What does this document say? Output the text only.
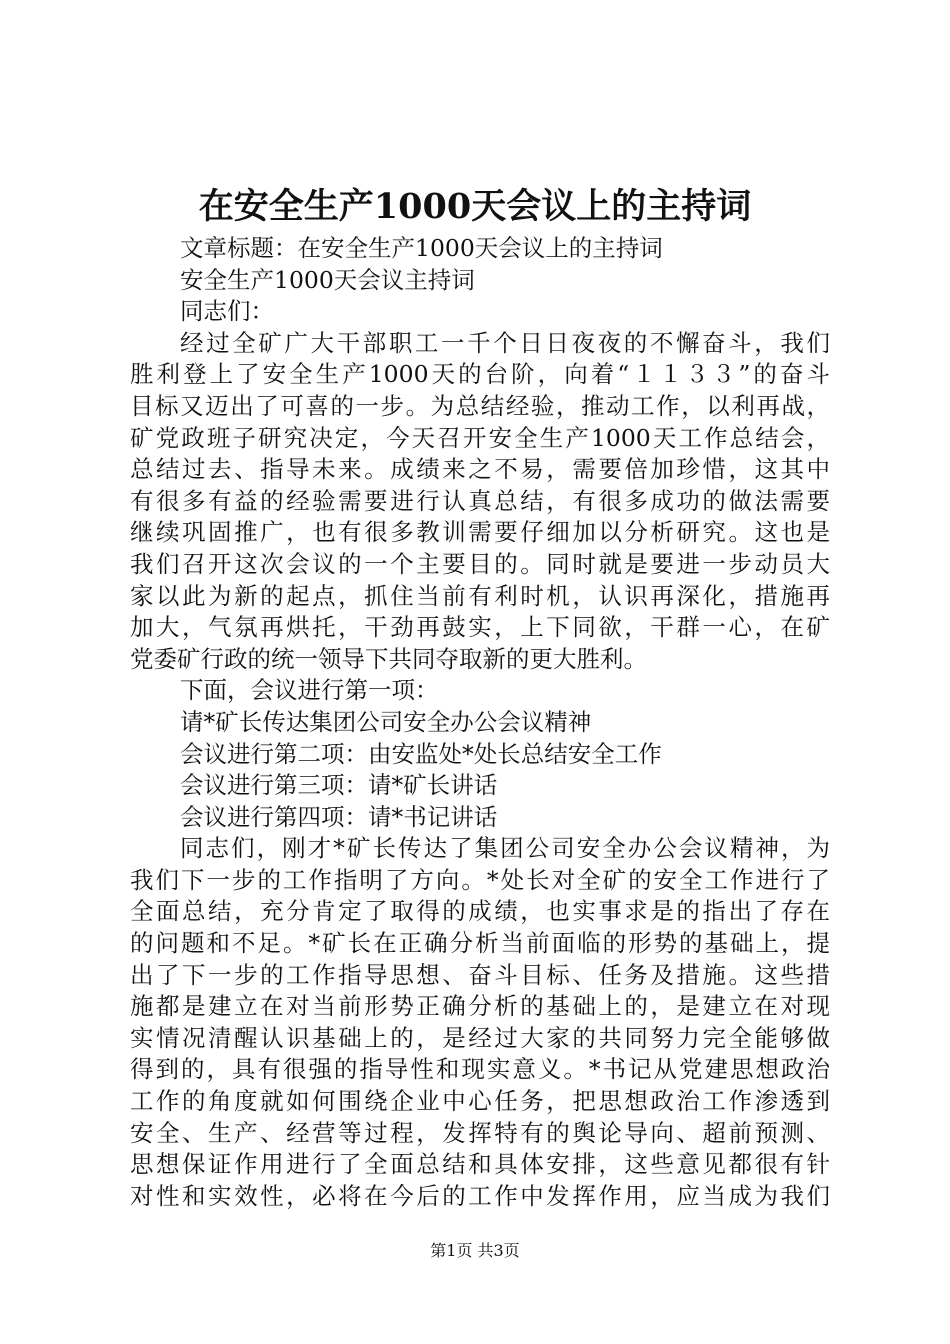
在安全生产1000天会议上的主持词
文章标题：在安全生产1000天会议上的主持词
安全生产1000天会议主持词
同志们：
经过全矿广大干部职工一千个日日夜夜的不懈奋斗，我们
胜利登上了安全生产1000天的台阶，向着“１１３３”的奋斗
目标又迈出了可喜的一步。为总结经验，推动工作，以利再战，
矿党政班子研究决定，今天召开安全生产1000天工作总结会，
总结过去、指导未来。成绩来之不易，需要倍加珍惜，这其中
有很多有益的经验需要进行认真总结，有很多成功的做法需要
继续巩固推广，也有很多教训需要仔细加以分析研究。这也是
我们召开这次会议的一个主要目的。同时就是要进一步动员大
家以此为新的起点，抓住当前有利时机，认识再深化，措施再
加大，气氛再烘托，干劲再鼓实，上下同欲，干群一心，在矿
党委矿行政的统一领导下共同夺取新的更大胜利。
下面，会议进行第一项：
请*矿长传达集团公司安全办公会议精神
会议进行第二项：由安监处*处长总结安全工作
会议进行第三项：请*矿长讲话
会议进行第四项：请*书记讲话
同志们，刚才*矿长传达了集团公司安全办公会议精神，为
我们下一步的工作指明了方向。*处长对全矿的安全工作进行了
全面总结，充分肯定了取得的成绩，也实事求是的指出了存在
的问题和不足。*矿长在正确分析当前面临的形势的基础上，提
出了下一步的工作指导思想、奋斗目标、任务及措施。这些措
施都是建立在对当前形势正确分析的基础上的，是建立在对现
实情况清醒认识基础上的，是经过大家的共同努力完全能够做
得到的，具有很强的指导性和现实意义。*书记从党建思想政治
工作的角度就如何围绕企业中心任务，把思想政治工作渗透到
安全、生产、经营等过程，发挥特有的舆论导向、超前预测、
思想保证作用进行了全面总结和具体安排，这些意见都很有针
对性和实效性，必将在今后的工作中发挥作用，应当成为我们
第1页 共3页
